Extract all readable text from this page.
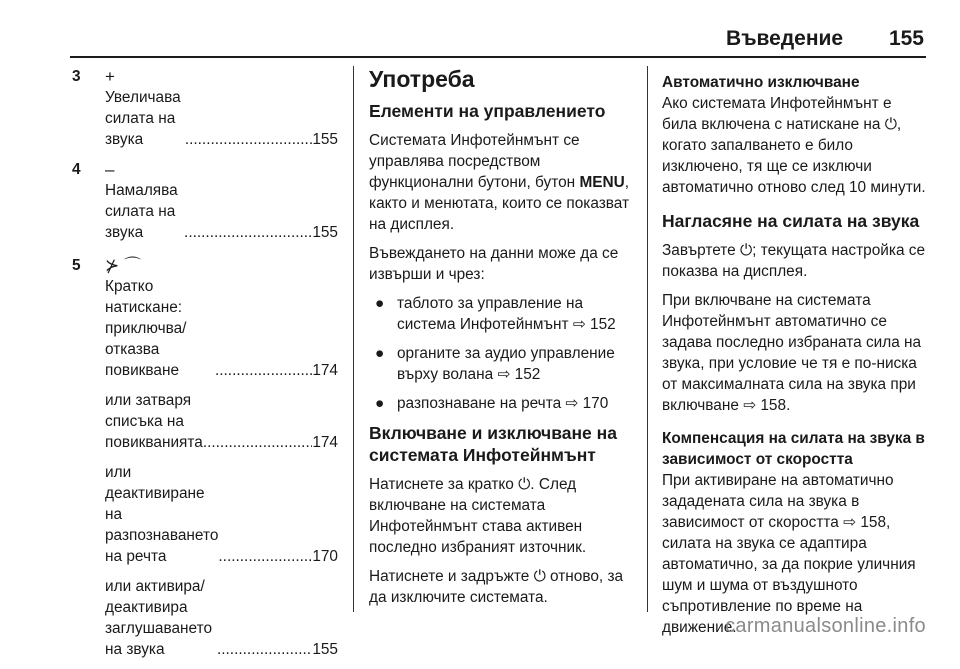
Въведение 155
3	+
Увеличава силата на звука .....	155
4	–
Намалява силата на звука .....	155
5	⊁ ⌒
Кратко натискане: приключва/отказва повикване .....	174
или затваря списъка на повикванията .....	174
или деактивиране на разпознаването на речта .....	170
или активира/ деактивира заглушаването на звука .....	155
Употреба
Елементи на управлението

Системата Инфотейнмънт се управлява посредством функционални бутони, бутон MENU, както и менютата, които се показват на дисплея.

Въвеждането на данни може да се извърши и чрез:

● таблото за управление на система Инфотейнмънт ⇨ 152
● органите за аудио управление върху волана ⇨ 152
● разпознаване на речта ⇨ 170
Включване и изключване на системата Инфотейнмънт

Натиснете за кратко ⏻. След включване на системата Инфотейнмънт става активен последно избраният източник.

Натиснете и задръжте ⏻ отново, за да изключите системата.

Автоматично изключване

Ако системата Инфотейнмънт е била включена с натискане на ⏻, когато запалването е било изключено, тя ще се изключи автоматично отново след 10 минути.

Нагласяне на силата на звука

Завъртете ⏻; текущата настройка се показва на дисплея.

При включване на системата Инфотейнмънт автоматично се задава последно избраната сила на звука, при условие че тя е по-ниска от максималната сила на звука при включване ⇨ 158.

Компенсация на силата на звука в зависимост от скоростта

При активиране на автоматично зададената сила на звука в зависимост от скоростта ⇨ 158, силата на звука се адаптира автоматично, за да покрие уличния шум и шума от въздушното съпротивление по време на движение.

carmanualsonline.info
